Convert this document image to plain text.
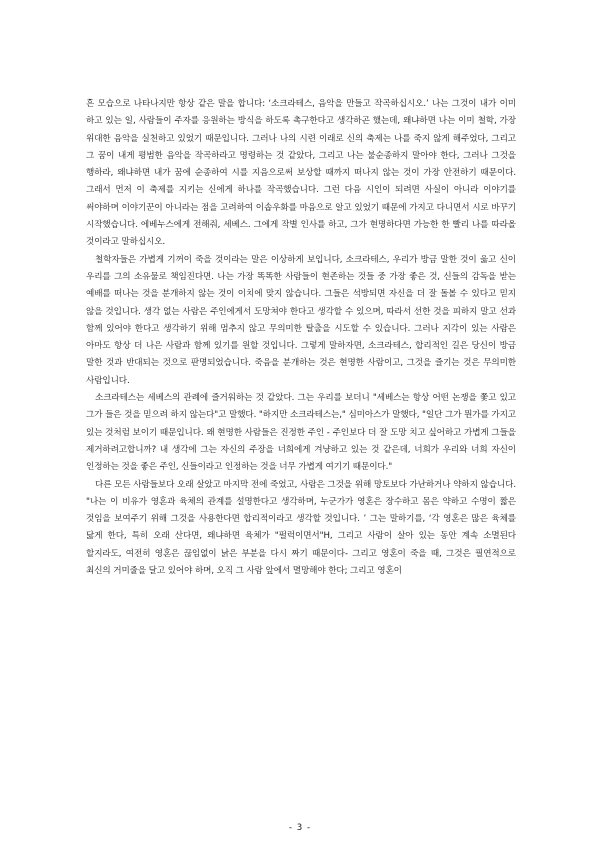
흔 모습으로 나타나지만 항상 같은 말을 합니다: ‘소크라테스, 음악을 만들고 작곡하십시오.’ 나는 그것이 내가 이미 하고 있는 일, 사람들이 주자를 응원하는 방식을 하도록 촉구한다고 생각하곤 했는데, 왜냐하면 나는 이미 철학, 가장 위대한 음악을 실천하고 있었기 때문입니다. 그러나 나의 시련 이래로 신의 축제는 나를 죽지 않게 해주었다, 그리고 그 꿈이 내게 평범한 음악을 작곡하라고 명령하는 것 같았다, 그리고 나는 불순종하지 말아야 한다, 그러나 그것을 행하라, 왜냐하면 내가 꿈에 순종하여 시를 지음으로써 보상할 때까지 떠나지 않는 것이 가장 안전하기 때문이다. 그래서 먼저 이 축제를 지키는 신에게 하나를 작곡했습니다. 그런 다음 시인이 되려면 사실이 아니라 이야기를 써야하며 이야기꾼이 아니라는 점을 고려하여 이솝우화를 마음으로 알고 있었기 때문에 가지고 다니면서 시로 바꾸기 시작했습니다. 에베누스에게 전해줘, 세베스. 그에게 작별 인사를 하고, 그가 현명하다면 가능한 한 빨리 나를 따라올 것이라고 말하십시오.

철학자들은 가볍게 기꺼이 죽을 것이라는 말은 이상하게 보입니다, 소크라테스, 우리가 방금 말한 것이 옳고 신이 우리를 그의 소유물로 책임진다면. 나는 가장 똑똑한 사람들이 현존하는 것들 중 가장 좋은 것, 신들의 감독을 받는 예배를 떠나는 것을 분개하지 않는 것이 이치에 맞지 않습니다. 그들은 석방되면 자신을 더 잘 돌볼 수 있다고 믿지 않을 것입니다. 생각 없는 사람은 주인에게서 도망쳐야 한다고 생각할 수 있으며, 따라서 선한 것을 피하지 말고 선과 함께 있어야 한다고 생각하기 위해 멈추지 않고 무의미한 탈출을 시도할 수 있습니다. 그러나 지각이 있는 사람은 아마도 항상 더 나은 사람과 함께 있기를 원할 것입니다. 그렇게 말하자면, 소크라테스, 합리적인 길은 당신이 방금 말한 것과 반대되는 것으로 판명되었습니다. 죽음을 분개하는 것은 현명한 사람이고, 그것을 즐기는 것은 무의미한 사람입니다.

소크라테스는 세베스의 관례에 즐거워하는 것 같았다. 그는 우리를 보더니 "세베스는 항상 어떤 논쟁을 쫓고 있고 그가 들은 것을 믿으려 하지 않는다"고 말했다. "하지만 소크라테스는," 심미아스가 말했다, "일단 그가 뭔가를 가지고 있는 것처럼 보이기 때문입니다. 왜 현명한 사람들은 진정한 주인 - 주인보다 더 잘 도망 치고 싶어하고 가볍게 그들을 제거하려고합니까? 내 생각에 그는 자신의 주장을 너희에게 겨냥하고 있는 것 같은데, 너희가 우리와 너희 자신이 인정하는 것을 좋은 주인, 신들이라고 인정하는 것을 너무 가볍게 여기기 때문이다."

다른 모든 사람들보다 오래 살았고 마지막 전에 죽었고, 사람은 그것을 위해 망토보다 가난하거나 약하지 않습니다. "나는 이 비유가 영혼과 육체의 관계를 설명한다고 생각하며, 누군가가 영혼은 장수하고 몸은 약하고 수명이 짧은 것임을 보여주기 위해 그것을 사용한다면 합리적이라고 생각할 것입니다. ’ 그는 말하기를, ‘각 영혼은 많은 육체를 닳게 한다, 특히 오래 산다면, 왜냐하면 육체가 "펄럭이면서"H, 그리고 사람이 살아 있는 동안 계속 소멸된다 할지라도, 여전히 영혼은 끊임없이 낡은 부분을 다시 짜기 때문이다- 그리고 영혼이 죽을 때, 그것은 필연적으로 최신의 거미줄을 달고 있어야 하며, 오직 그 사람 앞에서 멸망해야 한다; 그리고 영혼이

- 3 -
